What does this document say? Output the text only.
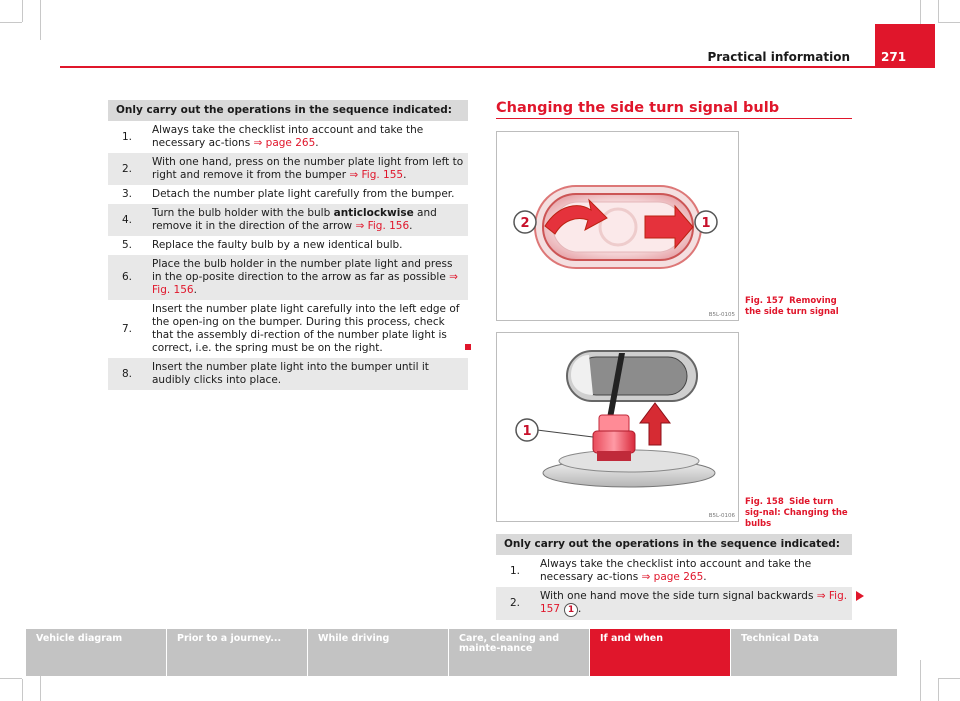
Practical information	271
Only carry out the operations in the sequence indicated:	
1.	Always take the checklist into account and take the necessary ac-tions ⇒ page 265.
2.	With one hand, press on the number plate light from left to right and remove it from the bumper ⇒ Fig. 155.
3.	Detach the number plate light carefully from the bumper.
4.	Turn the bulb holder with the bulb anticlockwise and remove it in the direction of the arrow ⇒ Fig. 156.
5.	Replace the faulty bulb by a new identical bulb.
6.	Place the bulb holder in the number plate light and press in the op-posite direction to the arrow as far as possible ⇒ Fig. 156.
7.	Insert the number plate light carefully into the left edge of the open-ing on the bumper. During this process, check that the assembly di-rection of the number plate light is correct, i.e. the spring must be on the right.
8.	Insert the number plate light into the bumper until it audibly clicks into place.
Changing the side turn signal bulb
2	1
B5L-0105
Fig. 157 Removing the side turn signal
1
B5L-0106
Fig. 158 Side turn sig-nal: Changing the bulbs
Only carry out the operations in the sequence indicated:	
1.	Always take the checklist into account and take the necessary ac-tions ⇒ page 265.
2.	With one hand move the side turn signal backwards ⇒ Fig. 157 1 .
Vehicle diagram	Prior to a journey...	While driving	Care, cleaning and mainte-nance
If and when	Technical Data
